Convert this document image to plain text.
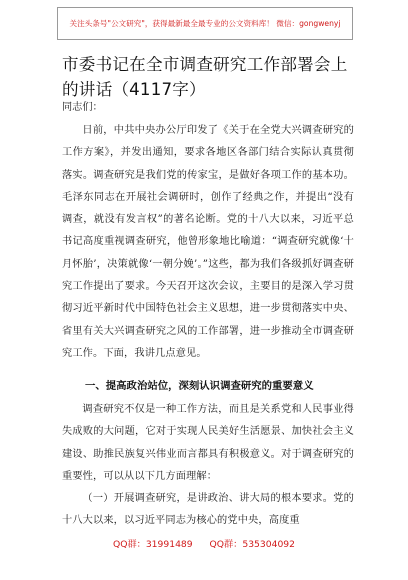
关注头条号"公文研究"，获得最新最全最专业的公文资料库！ 微信：gongwenyj
市委书记在全市调查研究工作部署会上的讲话（4117字）
同志们：
日前，中共中央办公厅印发了《关于在全党大兴调查研究的工作方案》，并发出通知，要求各地区各部门结合实际认真贯彻落实。调查研究是我们党的传家宝，是做好各项工作的基本功。毛泽东同志在开展社会调研时，创作了经典之作，并提出“没有调查，就没有发言权”的著名论断。党的十八大以来，习近平总书记高度重视调查研究，他曾形象地比喻道：“调查研究就像‘十月怀胎’，决策就像‘一朝分娩’。”这些，都为我们各级抓好调查研究工作提出了要求。今天召开这次会议，主要目的是深入学习贯彻习近平新时代中国特色社会主义思想，进一步贯彻落实中央、省里有关大兴调查研究之风的工作部署，进一步推动全市调查研究工作。下面，我讲几点意见。
一、提高政治站位，深刻认识调查研究的重要意义
调查研究不仅是一种工作方法，而且是关系党和人民事业得失成败的大问题，它对于实现人民美好生活愿景、加快社会主义建设、助推民族复兴伟业而言都具有积极意义。对于调查研究的重要性，可以从以下几方面理解：
（一）开展调查研究，是讲政治、讲大局的根本要求。党的十八大以来，以习近平同志为核心的党中央，高度重
QQ群：31991489 QQ群：535304092
